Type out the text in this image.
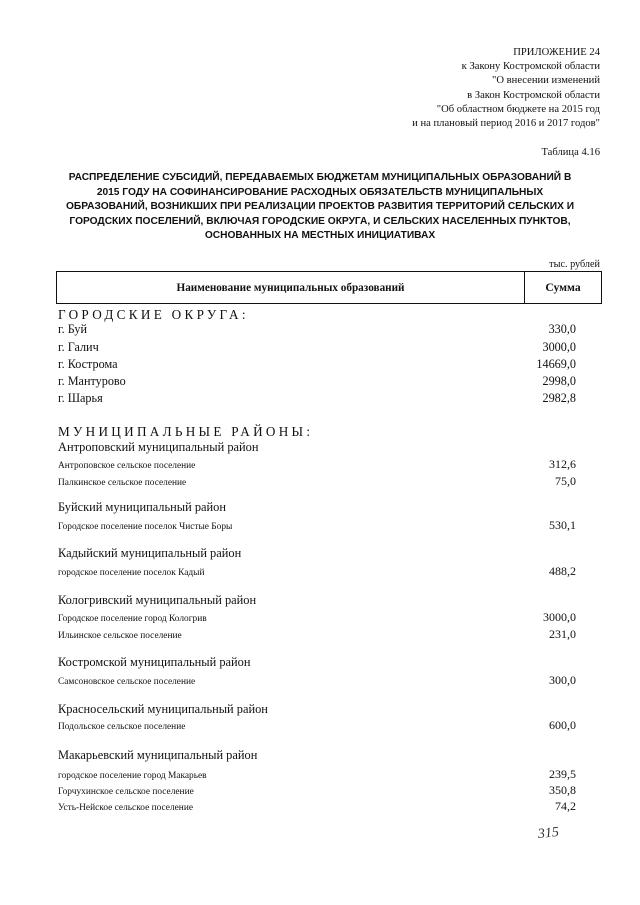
ПРИЛОЖЕНИЕ 24
к Закону Костромской области
"О внесении изменений
в Закон Костромской области
"Об областном бюджете на 2015 год
и на плановый период 2016 и 2017 годов"
Таблица 4.16
РАСПРЕДЕЛЕНИЕ СУБСИДИЙ, ПЕРЕДАВАЕМЫХ БЮДЖЕТАМ МУНИЦИПАЛЬНЫХ ОБРАЗОВАНИЙ В
2015 ГОДУ НА СОФИНАНСИРОВАНИЕ РАСХОДНЫХ ОБЯЗАТЕЛЬСТВ МУНИЦИПАЛЬНЫХ
ОБРАЗОВАНИЙ, ВОЗНИКШИХ ПРИ РЕАЛИЗАЦИИ ПРОЕКТОВ РАЗВИТИЯ ТЕРРИТОРИЙ СЕЛЬСКИХ И
ГОРОДСКИХ ПОСЕЛЕНИЙ, ВКЛЮЧАЯ ГОРОДСКИЕ ОКРУГА, И СЕЛЬСКИХ НАСЕЛЕННЫХ ПУНКТОВ,
ОСНОВАННЫХ НА МЕСТНЫХ ИНИЦИАТИВАХ
тыс. рублей
Наименование муниципальных образований	Сумма
ГОРОДСКИЕ ОКРУГА:
г. Буй	330,0
г. Галич	3000,0
г. Кострома	14669,0
г. Мантурово	2998,0
г. Шарья	2982,8
МУНИЦИПАЛЬНЫЕ РАЙОНЫ:
Антроповский муниципальный район
Антроповское сельское поселение	312,6
Палкинское сельское поселение	75,0
Буйский муниципальный район
Городское поселение поселок Чистые Боры	530,1
Кадыйский муниципальный район
городское поселение поселок Кадый	488,2
Кологривский муниципальный район
Городское поселение город Кологрив	3000,0
Ильинское сельское поселение	231,0
Костромской муниципальный район
Самсоновское сельское поселение	300,0
Красносельский муниципальный район
Подольское сельское поселение	600,0
Макарьевский муниципальный район
городское поселение город Макарьев	239,5
Горчухинское сельское поселение	350,8
Усть-Нейское сельское поселение	74,2
315
